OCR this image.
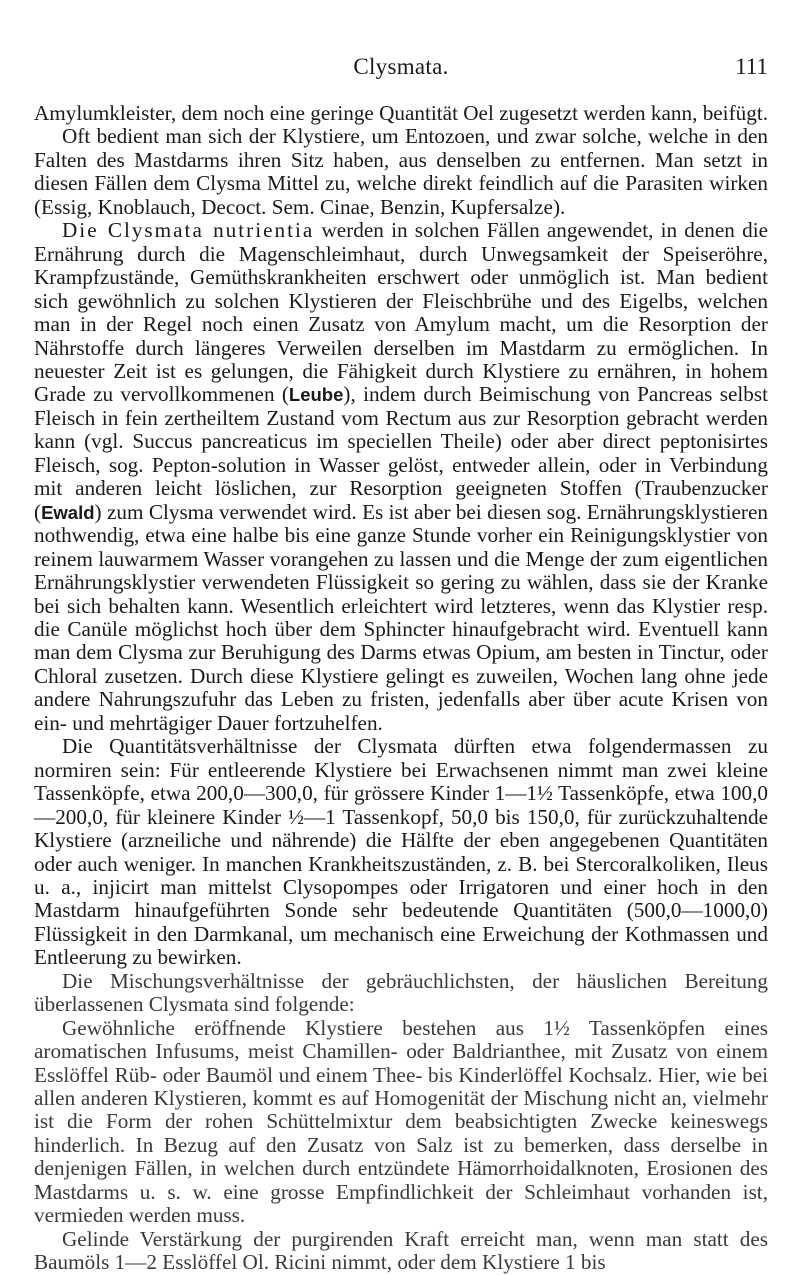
Clysmata.	111

Amylumkleister, dem noch eine geringe Quantität Oel zugesetzt werden kann, beifügt.

Oft bedient man sich der Klystiere, um Entozoen, und zwar solche, welche in den Falten des Mastdarms ihren Sitz haben, aus denselben zu entfernen. Man setzt in diesen Fällen dem Clysma Mittel zu, welche direkt feindlich auf die Parasiten wirken (Essig, Knoblauch, Decoct. Sem. Cinae, Benzin, Kupfersalze).

Die Clysmata nutrientia werden in solchen Fällen angewendet, in denen die Ernährung durch die Magenschleimhaut, durch Unwegsamkeit der Speiseröhre, Krampfzustände, Gemüthskrankheiten erschwert oder unmöglich ist. Man bedient sich gewöhnlich zu solchen Klystieren der Fleischbrühe und des Eigelbs, welchen man in der Regel noch einen Zusatz von Amylum macht, um die Resorption der Nährstoffe durch längeres Verweilen derselben im Mastdarm zu ermöglichen. In neuester Zeit ist es gelungen, die Fähigkeit durch Klystiere zu ernähren, in hohem Grade zu vervollkommenen (Leube), indem durch Beimischung von Pancreas selbst Fleisch in fein zertheiltem Zustand vom Rectum aus zur Resorption gebracht werden kann (vgl. Succus pancreaticus im speciellen Theile) oder aber direct peptonisirtes Fleisch, sog. Pepton-solution in Wasser gelöst, entweder allein, oder in Verbindung mit anderen leicht löslichen, zur Resorption geeigneten Stoffen (Traubenzucker (Ewald) zum Clysma verwendet wird. Es ist aber bei diesen sog. Ernährungsklystieren nothwendig, etwa eine halbe bis eine ganze Stunde vorher ein Reinigungsklystier von reinem lauwarmem Wasser vorangehen zu lassen und die Menge der zum eigentlichen Ernährungsklystier verwendeten Flüssigkeit so gering zu wählen, dass sie der Kranke bei sich behalten kann. Wesentlich erleichtert wird letzteres, wenn das Klystier resp. die Canüle möglichst hoch über dem Sphincter hinaufgebracht wird. Eventuell kann man dem Clysma zur Beruhigung des Darms etwas Opium, am besten in Tinctur, oder Chloral zusetzen. Durch diese Klystiere gelingt es zuweilen, Wochen lang ohne jede andere Nahrungszufuhr das Leben zu fristen, jedenfalls aber über acute Krisen von ein- und mehrtägiger Dauer fortzuhelfen.

Die Quantitätsverhältnisse der Clysmata dürften etwa folgendermassen zu normiren sein: Für entleerende Klystiere bei Erwachsenen nimmt man zwei kleine Tassenköpfe, etwa 200,0—300,0, für grössere Kinder 1—1½ Tassenköpfe, etwa 100,0—200,0, für kleinere Kinder ½—1 Tassenkopf, 50,0 bis 150,0, für zurückzuhaltende Klystiere (arzneiliche und nährende) die Hälfte der eben angegebenen Quantitäten oder auch weniger. In manchen Krankheitszuständen, z. B. bei Stercoralkoliken, Ileus u. a., injicirt man mittelst Clysopompes oder Irrigatoren und einer hoch in den Mastdarm hinaufgeführten Sonde sehr bedeutende Quantitäten (500,0—1000,0) Flüssigkeit in den Darmkanal, um mechanisch eine Erweichung der Kothmassen und Entleerung zu bewirken.

Die Mischungsverhältnisse der gebräuchlichsten, der häuslichen Bereitung überlassenen Clysmata sind folgende:

Gewöhnliche eröffnende Klystiere bestehen aus 1½ Tassenköpfen eines aromatischen Infusums, meist Chamillen- oder Baldrianthee, mit Zusatz von einem Esslöffel Rüb- oder Baumöl und einem Thee- bis Kinderlöffel Kochsalz. Hier, wie bei allen anderen Klystieren, kommt es auf Homogenität der Mischung nicht an, vielmehr ist die Form der rohen Schüttelmixtur dem beabsichtigten Zwecke keineswegs hinderlich. In Bezug auf den Zusatz von Salz ist zu bemerken, dass derselbe in denjenigen Fällen, in welchen durch entzündete Hämorrhoidalknoten, Erosionen des Mastdarms u. s. w. eine grosse Empfindlichkeit der Schleimhaut vorhanden ist, vermieden werden muss.

Gelinde Verstärkung der purgirenden Kraft erreicht man, wenn man statt des Baumöls 1—2 Esslöffel Ol. Ricini nimmt, oder dem Klystiere 1 bis
